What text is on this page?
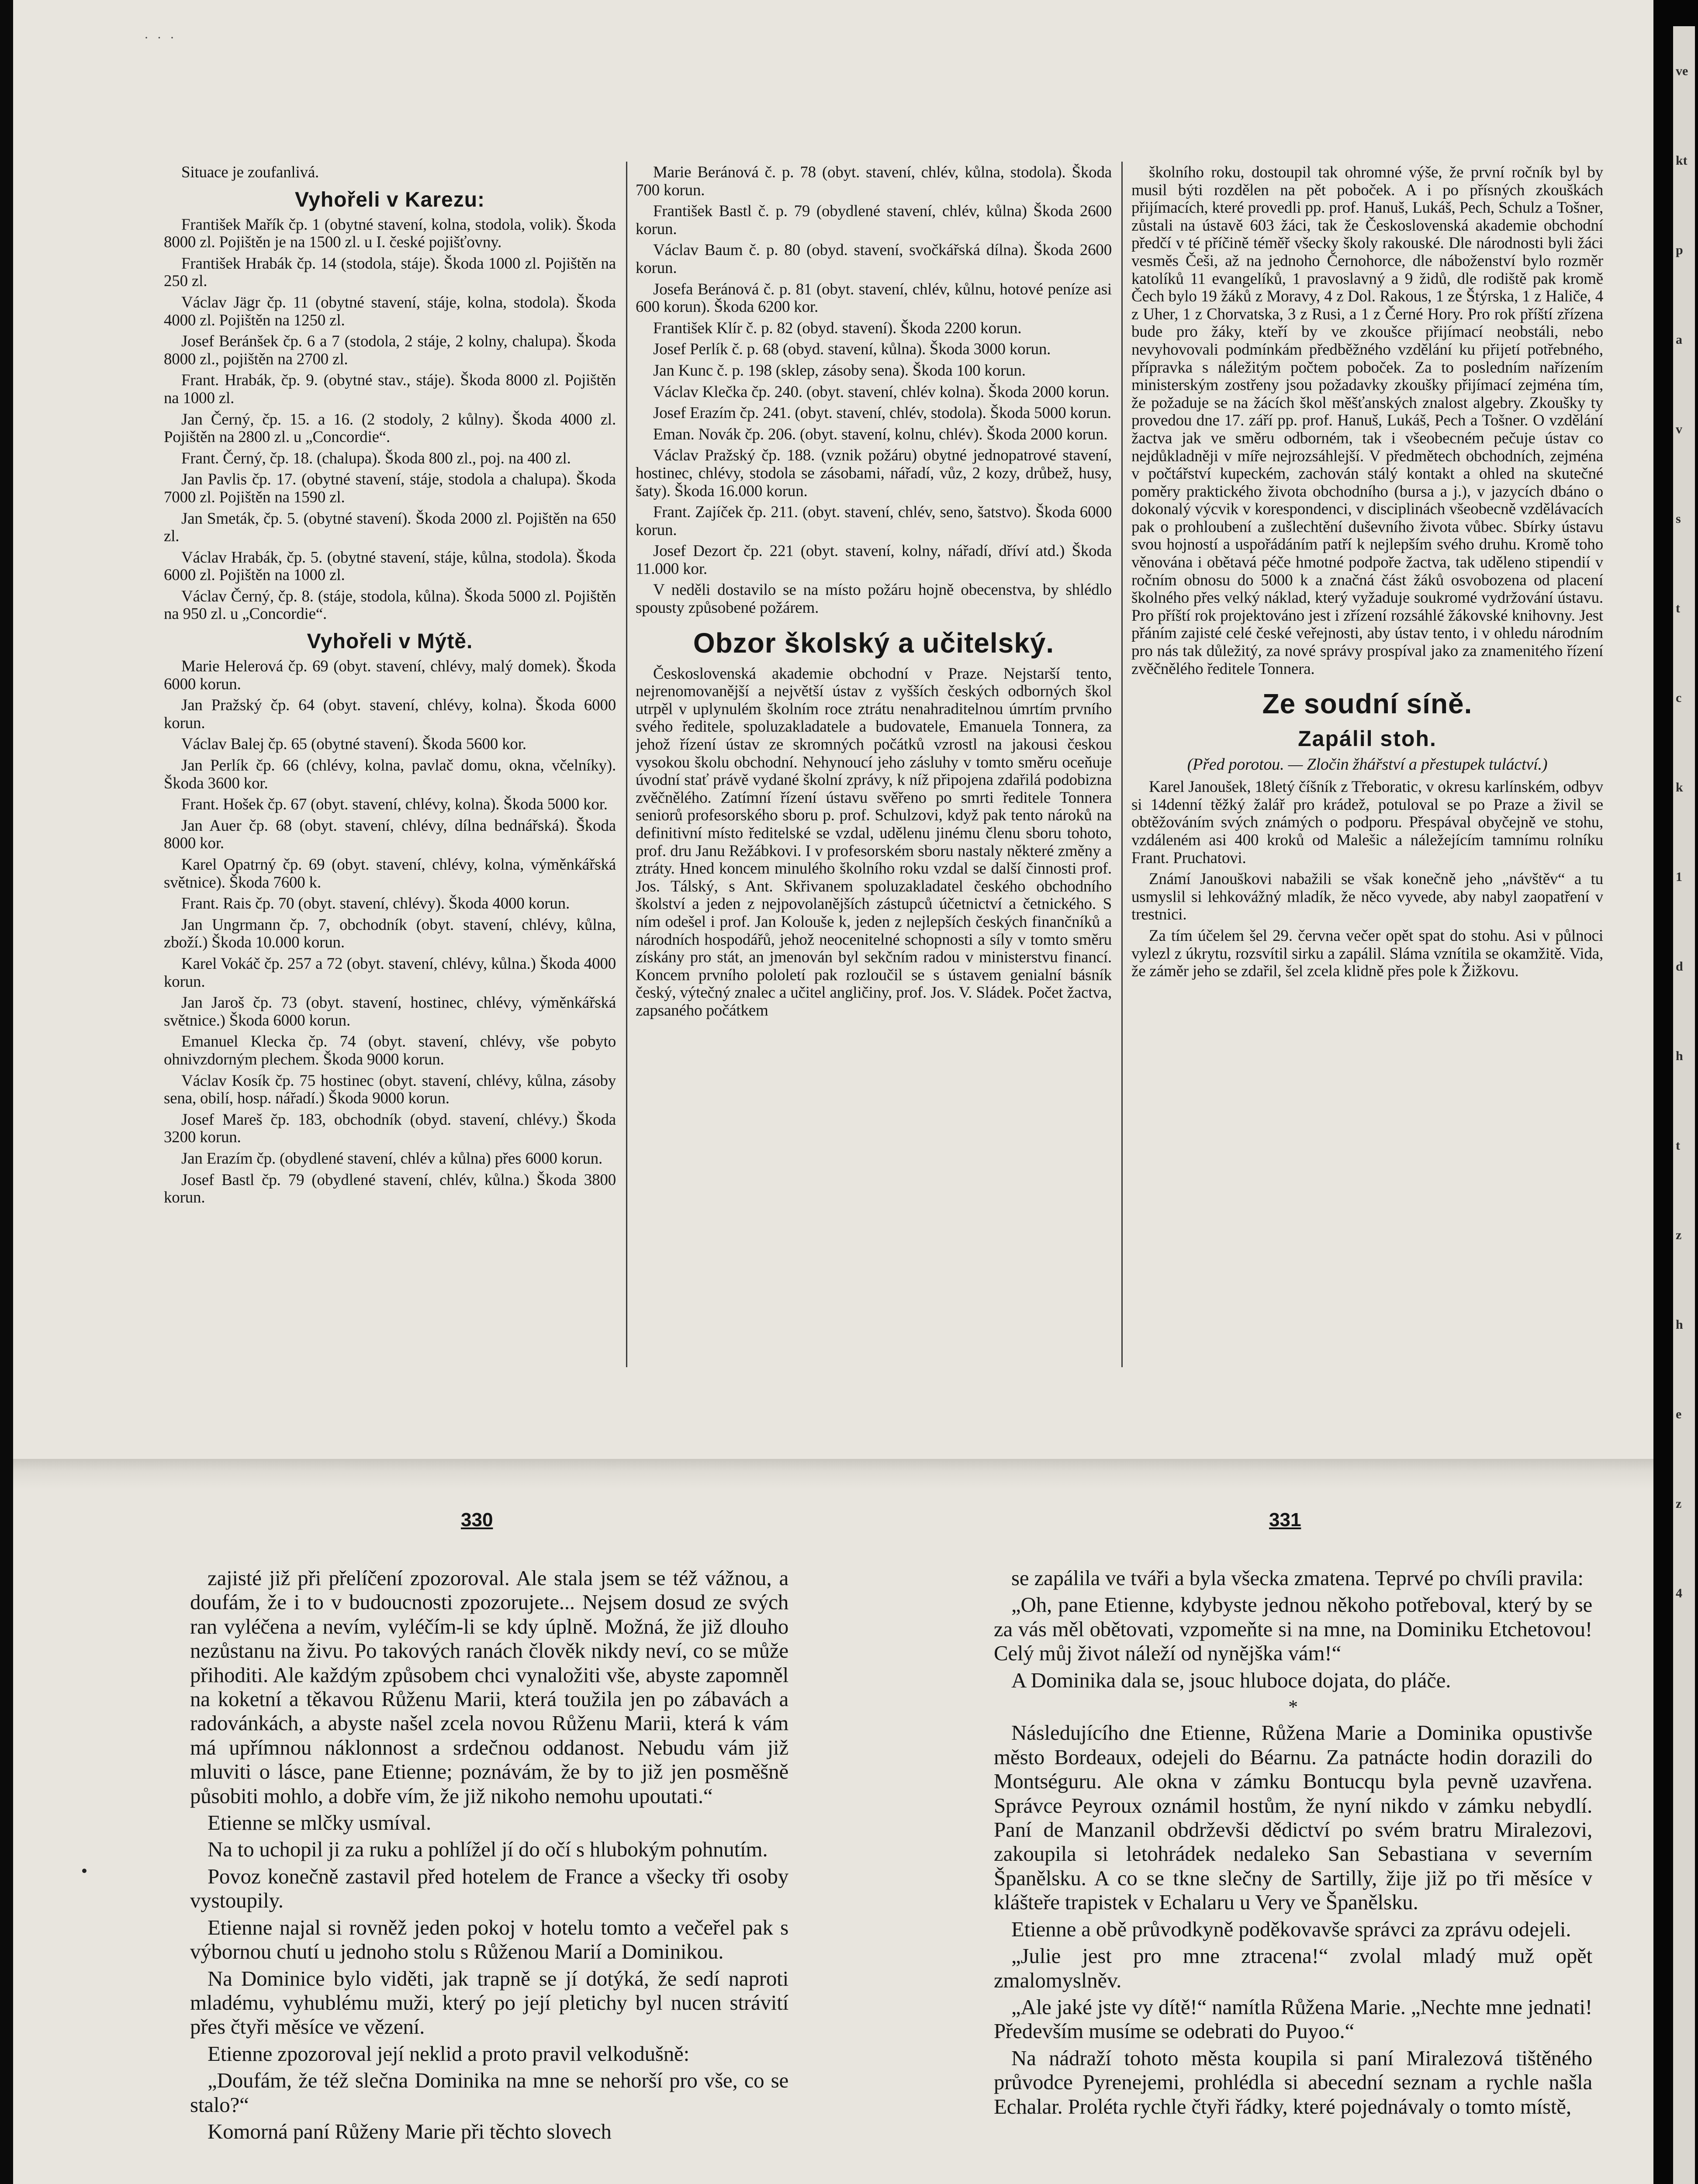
· · ·

Situace je zoufanlivá.

Vyhořeli v Karezu:

František Mařík čp. 1 (obytné stavení, kolna, stodola, volik). Škoda 8000 zl. Pojištěn je na 1500 zl. u I. české pojišťovny.

František Hrabák čp. 14 (stodola, stáje). Škoda 1000 zl. Pojištěn na 250 zl.

Václav Jägr čp. 11 (obytné stavení, stáje, kolna, stodola). Škoda 4000 zl. Pojištěn na 1250 zl.

Josef Beránšek čp. 6 a 7 (stodola, 2 stáje, 2 kolny, chalupa). Škoda 8000 zl., pojištěn na 2700 zl.

Frant. Hrabák, čp. 9. (obytné stav., stáje). Škoda 8000 zl. Pojištěn na 1000 zl.

Jan Černý, čp. 15. a 16. (2 stodoly, 2 kůlny). Škoda 4000 zl. Pojištěn na 2800 zl. u „Concordie“.

Frant. Černý, čp. 18. (chalupa). Škoda 800 zl., poj. na 400 zl.

Jan Pavlis čp. 17. (obytné stavení, stáje, stodola a chalupa). Škoda 7000 zl. Pojištěn na 1590 zl.

Jan Smeták, čp. 5. (obytné stavení). Škoda 2000 zl. Pojištěn na 650 zl.

Václav Hrabák, čp. 5. (obytné stavení, stáje, kůlna, stodola). Škoda 6000 zl. Pojištěn na 1000 zl.

Václav Černý, čp. 8. (stáje, stodola, kůlna). Škoda 5000 zl. Pojištěn na 950 zl. u „Concordie“.

Vyhořeli v Mýtě.

Marie Helerová čp. 69 (obyt. stavení, chlévy, malý domek). Škoda 6000 korun.

Jan Pražský čp. 64 (obyt. stavení, chlévy, kolna). Škoda 6000 korun.

Václav Balej čp. 65 (obytné stavení). Škoda 5600 kor.

Jan Perlík čp. 66 (chlévy, kolna, pavlač domu, okna, včelníky). Škoda 3600 kor.

Frant. Hošek čp. 67 (obyt. stavení, chlévy, kolna). Škoda 5000 kor.

Jan Auer čp. 68 (obyt. stavení, chlévy, dílna bednářská). Škoda 8000 kor.

Karel Opatrný čp. 69 (obyt. stavení, chlévy, kolna, výměnkářská světnice). Škoda 7600 k.

Frant. Rais čp. 70 (obyt. stavení, chlévy). Škoda 4000 korun.

Jan Ungrmann čp. 7, obchodník (obyt. stavení, chlévy, kůlna, zboží.) Škoda 10.000 korun.

Karel Vokáč čp. 257 a 72 (obyt. stavení, chlévy, kůlna.) Škoda 4000 korun.

Jan Jaroš čp. 73 (obyt. stavení, hostinec, chlévy, výměnkářská světnice.) Škoda 6000 korun.

Emanuel Klecka čp. 74 (obyt. stavení, chlévy, vše pobyto ohnivzdorným plechem. Škoda 9000 korun.

Václav Kosík čp. 75 hostinec (obyt. stavení, chlévy, kůlna, zásoby sena, obilí, hosp. nářadí.) Škoda 9000 korun.

Josef Mareš čp. 183, obchodník (obyd. stavení, chlévy.) Škoda 3200 korun.

Jan Erazím čp. (obydlené stavení, chlév a kůlna) přes 6000 korun.

Josef Bastl čp. 79 (obydlené stavení, chlév, kůlna.) Škoda 3800 korun.

Marie Beránová č. p. 78 (obyt. stavení, chlév, kůlna, stodola). Škoda 700 korun.

František Bastl č. p. 79 (obydlené stavení, chlév, kůlna) Škoda 2600 korun.

Václav Baum č. p. 80 (obyd. stavení, svočkářská dílna). Škoda 2600 korun.

Josefa Beránová č. p. 81 (obyt. stavení, chlév, kůlnu, hotové peníze asi 600 korun). Škoda 6200 kor.

František Klír č. p. 82 (obyd. stavení). Škoda 2200 korun.

Josef Perlík č. p. 68 (obyd. stavení, kůlna). Škoda 3000 korun.

Jan Kunc č. p. 198 (sklep, zásoby sena). Škoda 100 korun.

Václav Klečka čp. 240. (obyt. stavení, chlév kolna). Škoda 2000 korun.

Josef Erazím čp. 241. (obyt. stavení, chlév, stodola). Škoda 5000 korun.

Eman. Novák čp. 206. (obyt. stavení, kolnu, chlév). Škoda 2000 korun.

Václav Pražský čp. 188. (vznik požáru) obytné jednopatrové stavení, hostinec, chlévy, stodola se zásobami, nářadí, vůz, 2 kozy, drůbež, husy, šaty). Škoda 16.000 korun.

Frant. Zajíček čp. 211. (obyt. stavení, chlév, seno, šatstvo). Škoda 6000 korun.

Josef Dezort čp. 221 (obyt. stavení, kolny, nářadí, dříví atd.) Škoda 11.000 kor.

V neděli dostavilo se na místo požáru hojně obecenstva, by shlédlo spousty způsobené požárem.

Obzor školský a učitelský.

Československá akademie obchodní v Praze. Nejstarší tento, nejrenomovanější a největší ústav z vyšších českých odborných škol utrpěl v uplynulém školním roce ztrátu nenahraditelnou úmrtím prvního svého ředitele, spoluzakladatele a budovatele, Emanuela Tonnera, za jehož řízení ústav ze skromných počátků vzrostl na jakousi českou vysokou školu obchodní. Nehynoucí jeho zásluhy v tomto směru oceňuje úvodní stať právě vydané školní zprávy, k níž připojena zdařilá podobizna zvěčnělého. Zatímní řízení ústavu svěřeno po smrti ředitele Tonnera seniorů profesorského sboru p. prof. Schulzovi, když pak tento nároků na definitivní místo ředitelské se vzdal, udělenu jinému členu sboru tohoto, prof. dru Janu Režábkovi. I v profesorském sboru nastaly některé změny a ztráty. Hned koncem minulého školního roku vzdal se další činnosti prof. Jos. Tálský, s Ant. Skřivanem spoluzakladatel českého obchodního školství a jeden z nejpovolanějších zástupců účetnictví a četnického. S ním odešel i prof. Jan Kolouše k, jeden z nejlepších českých finančníků a národních hospodářů, jehož neocenitelné schopnosti a síly v tomto směru získány pro stát, an jmenován byl sekčním radou v ministerstvu financí. Koncem prvního pololetí pak rozloučil se s ústavem genialní básník český, výtečný znalec a učitel angličiny, prof. Jos. V. Sládek. Počet žactva, zapsaného počátkem

školního roku, dostoupil tak ohromné výše, že první ročník byl by musil býti rozdělen na pět poboček. A i po přísných zkouškách přijímacích, které provedli pp. prof. Hanuš, Lukáš, Pech, Schulz a Tošner, zůstali na ústavě 603 žáci, tak že Československá akademie obchodní předčí v té příčině téměř všecky školy rakouské. Dle národnosti byli žáci vesměs Češi, až na jednoho Černohorce, dle náboženství bylo rozměr katolíků 11 evangelíků, 1 pravoslavný a 9 židů, dle rodiště pak kromě Čech bylo 19 žáků z Moravy, 4 z Dol. Rakous, 1 ze Štýrska, 1 z Haliče, 4 z Uher, 1 z Chorvatska, 3 z Rusi, a 1 z Černé Hory. Pro rok příští zřízena bude pro žáky, kteří by ve zkoušce přijímací neobstáli, nebo nevyhovovali podmínkám předběžného vzdělání ku přijetí potřebného, přípravka s náležitým počtem poboček. Za to posledním nařízením ministerským zostřeny jsou požadavky zkoušky přijímací zejména tím, že požaduje se na žácích škol měšťanských znalost algebry. Zkoušky ty provedou dne 17. září pp. prof. Hanuš, Lukáš, Pech a Tošner. O vzdělání žactva jak ve směru odborném, tak i všeobecném pečuje ústav co nejdůkladněji v míře nejrozsáhlejší. V předmětech obchodních, zejména v počtářství kupeckém, zachován stálý kontakt a ohled na skutečné poměry praktického života obchodního (bursa a j.), v jazycích dbáno o dokonalý výcvik v korespondenci, v disciplinách všeobecně vzdělávacích pak o prohloubení a zušlechtění duševního života vůbec. Sbírky ústavu svou hojností a uspořádáním patří k nejlepším svého druhu. Kromě toho věnována i obětavá péče hmotné podpoře žactva, tak uděleno stipendií v ročním obnosu do 5000 k a značná část žáků osvobozena od placení školného přes velký náklad, který vyžaduje soukromé vydržování ústavu. Pro příští rok projektováno jest i zřízení rozsáhlé žákovské knihovny. Jest přáním zajisté celé české veřejnosti, aby ústav tento, i v ohledu národním pro nás tak důležitý, za nové správy prospíval jako za znamenitého řízení zvěčnělého ředitele Tonnera.

Ze soudní síně.
Zapálil stoh.

(Před porotou. — Zločin žhářství a přestupek tuláctví.)

Karel Janoušek, 18letý číšník z Třeboratic, v okresu karlínském, odbyv si 14denní těžký žalář pro krádež, potuloval se po Praze a živil se obtěžováním svých známých o podporu. Přespával obyčejně ve stohu, vzdáleném asi 400 kroků od Malešic a náležejícím tamnímu rolníku Frant. Pruchatovi.

Známí Janouškovi nabažili se však konečně jeho „návštěv“ a tu usmyslil si lehkovážný mladík, že něco vyvede, aby nabyl zaopatření v trestnici.

Za tím účelem šel 29. června večer opět spat do stohu. Asi v půlnoci vylezl z úkrytu, rozsvítil sirku a zapálil. Sláma vznítila se okamžitě. Vida, že záměr jeho se zdařil, šel zcela klidně přes pole k Žižkovu.

330	331

zajisté již při přelíčení zpozoroval. Ale stala jsem se též vážnou, a doufám, že i to v budoucnosti zpozorujete... Nejsem dosud ze svých ran vyléčena a nevím, vyléčím-li se kdy úplně. Možná, že již dlouho nezůstanu na živu. Po takových ranách člověk nikdy neví, co se může přihoditi. Ale každým způsobem chci vynaložiti vše, abyste zapomněl na koketní a těkavou Růženu Marii, která toužila jen po zábavách a radovánkách, a abyste našel zcela novou Růženu Marii, která k vám má upřímnou náklonnost a srdečnou oddanost. Nebudu vám již mluviti o lásce, pane Etienne; poznávám, že by to již jen posměšně působiti mohlo, a dobře vím, že již nikoho nemohu upoutati.“

Etienne se mlčky usmíval.

Na to uchopil ji za ruku a pohlížel jí do očí s hlubokým pohnutím.

Povoz konečně zastavil před hotelem de France a všecky tři osoby vystoupily.

Etienne najal si rovněž jeden pokoj v hotelu tomto a večeřel pak s výbornou chutí u jednoho stolu s Růženou Marií a Dominikou.

Na Dominice bylo viděti, jak trapně se jí dotýká, že sedí naproti mladému, vyhublému muži, který po její pletichy byl nucen strávití přes čtyři měsíce ve vězení.

Etienne zpozoroval její neklid a proto pravil velkodušně:

„Doufám, že též slečna Dominika na mne se nehorší pro vše, co se stalo?“

Komorná paní Růženy Marie při těchto slovech

se zapálila ve tváři a byla všecka zmatena. Teprvé po chvíli pravila:

„Oh, pane Etienne, kdybyste jednou někoho potřeboval, který by se za vás měl obětovati, vzpomeňte si na mne, na Dominiku Etchetovou! Celý můj život náleží od nynějška vám!“

A Dominika dala se, jsouc hluboce dojata, do pláče.

*

Následujícího dne Etienne, Růžena Marie a Dominika opustivše město Bordeaux, odejeli do Béarnu. Za patnácte hodin dorazili do Montséguru. Ale okna v zámku Bontucqu byla pevně uzavřena. Správce Peyroux oznámil hostům, že nyní nikdo v zámku nebydlí. Paní de Manzanil obdrževši dědictví po svém bratru Miralezovi, zakoupila si letohrádek nedaleko San Sebastiana v severním Španělsku. A co se tkne slečny de Sartilly, žije již po tři měsíce v klášteře trapistek v Echalaru u Very ve Španělsku.

Etienne a obě průvodkyně poděkovavše správci za zprávu odejeli.

„Julie jest pro mne ztracena!“ zvolal mladý muž opět zmalomyslněv.

„Ale jaké jste vy dítě!“ namítla Růžena Marie. „Nechte mne jednati! Především musíme se odebrati do Puyoo.“

Na nádraží tohoto města koupila si paní Miralezová tištěného průvodce Pyrenejemi, prohlédla si abecední seznam a rychle našla Echalar. Proléta rychle čtyři řádky, které pojednávaly o tomto místě,

ve
kt
p
a
v
s
t
c
k
1
d
h
t
z
h
e
z
4
